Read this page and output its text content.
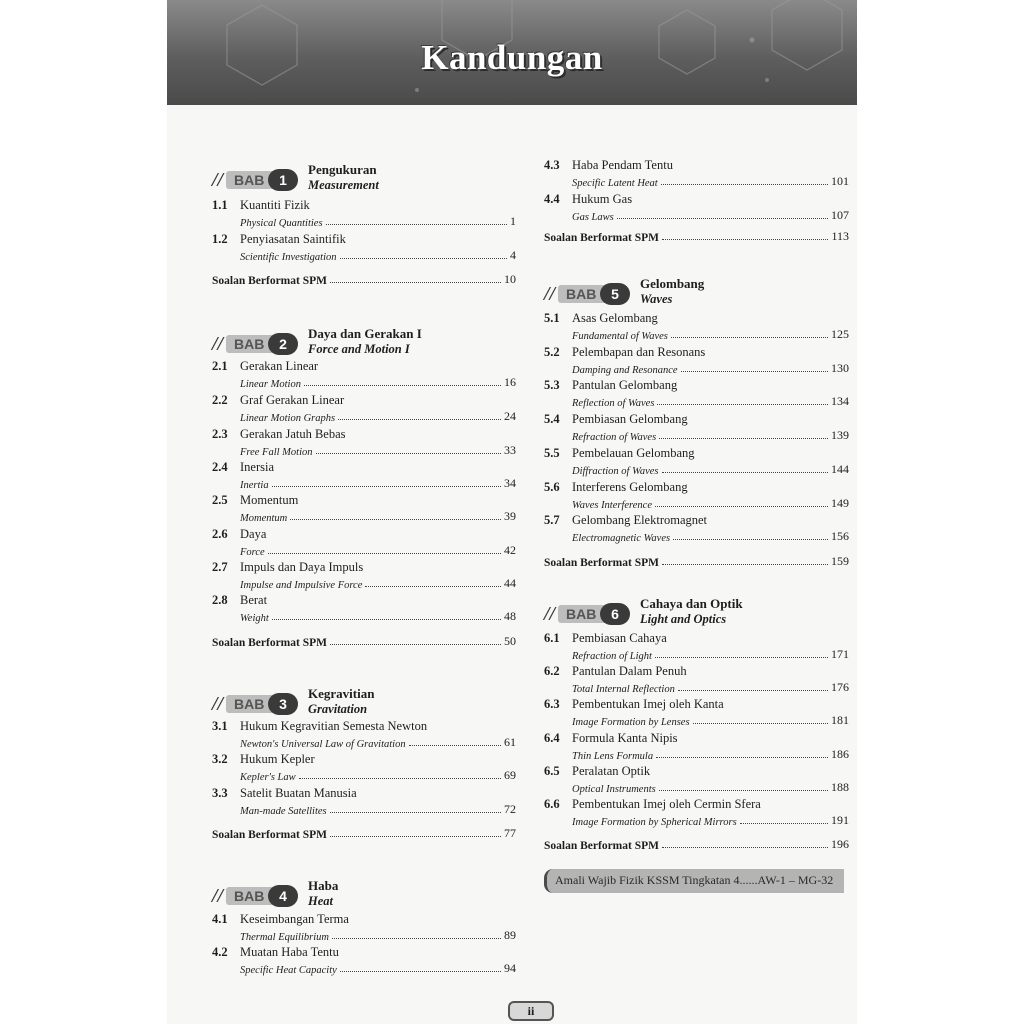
Kandungan
// BAB	1
Pengukuran
Measurement
1.1 Kuantiti Fizik
Physical Quantities	1
1.2 Penyiasatan Saintifik
Scientific Investigation	4
Soalan Berformat SPM	10
// BAB	2
Daya dan Gerakan I
Force and Motion I
2.1 Gerakan Linear
Linear Motion	16
2.2 Graf Gerakan Linear
Linear Motion Graphs	24
2.3 Gerakan Jatuh Bebas
Free Fall Motion	33
2.4 Inersia
Inertia	34
2.5 Momentum
Momentum	39
2.6 Daya
Force	42
2.7 Impuls dan Daya Impuls
Impulse and Impulsive Force	44
2.8 Berat
Weight	48
Soalan Berformat SPM	50
// BAB	3
Kegravitian
Gravitation
3.1 Hukum Kegravitian Semesta Newton
Newton's Universal Law of Gravitation	61
3.2 Hukum Kepler
Kepler's Law	69
3.3 Satelit Buatan Manusia
Man-made Satellites	72
Soalan Berformat SPM	77
// BAB	4
Haba
Heat
4.1 Keseimbangan Terma
Thermal Equilibrium	89
4.2 Muatan Haba Tentu
Specific Heat Capacity	94
4.3 Haba Pendam Tentu
Specific Latent Heat	101
4.4 Hukum Gas
Gas Laws	107
Soalan Berformat SPM	113
// BAB	5
Gelombang
Waves
5.1 Asas Gelombang
Fundamental of Waves	125
5.2 Pelembapan dan Resonans
Damping and Resonance	130
5.3 Pantulan Gelombang
Reflection of Waves	134
5.4 Pembiasan Gelombang
Refraction of Waves	139
5.5 Pembelauan Gelombang
Diffraction of Waves	144
5.6 Interferens Gelombang
Waves Interference	149
5.7 Gelombang Elektromagnet
Electromagnetic Waves	156
Soalan Berformat SPM	159
// BAB	6
Cahaya dan Optik
Light and Optics
6.1 Pembiasan Cahaya
Refraction of Light	171
6.2 Pantulan Dalam Penuh
Total Internal Reflection	176
6.3 Pembentukan Imej oleh Kanta
Image Formation by Lenses	181
6.4 Formula Kanta Nipis
Thin Lens Formula	186
6.5 Peralatan Optik
Optical Instruments	188
6.6 Pembentukan Imej oleh Cermin Sfera
Image Formation by Spherical Mirrors	191
Soalan Berformat SPM	196
Amali Wajib Fizik KSSM Tingkatan 4......AW-1 – MG-32
ii
